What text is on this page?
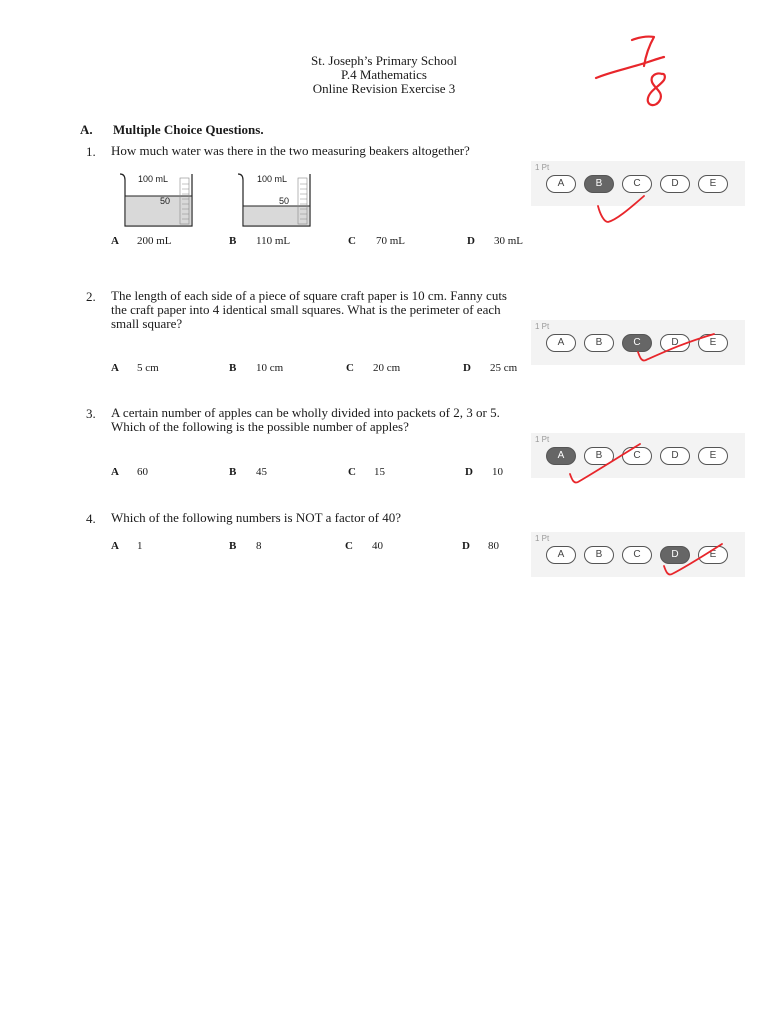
St. Joseph’s Primary School
P.4 Mathematics
Online Revision Exercise 3
A. Multiple Choice Questions.
1. How much water was there in the two measuring beakers altogether?
100 mL
50
100 mL
50
A 200 mL	B 110 mL	C 70 mL	D 30 mL
1 Pt
A	B	C	D	E
2. The length of each side of a piece of square craft paper is 10 cm. Fanny cuts
the craft paper into 4 identical small squares. What is the perimeter of each
small square?
A 5 cm	B 10 cm	C 20 cm	D 25 cm
1 Pt
A	B	C	D	E
3. A certain number of apples can be wholly divided into packets of 2, 3 or 5.
Which of the following is the possible number of apples?
A 60	B 45	C 15	D 10
1 Pt
A	B	C	D	E
4. Which of the following numbers is NOT a factor of 40?
A 1	B 8	C 40	D 80
1 Pt
A	B	C	D	E
